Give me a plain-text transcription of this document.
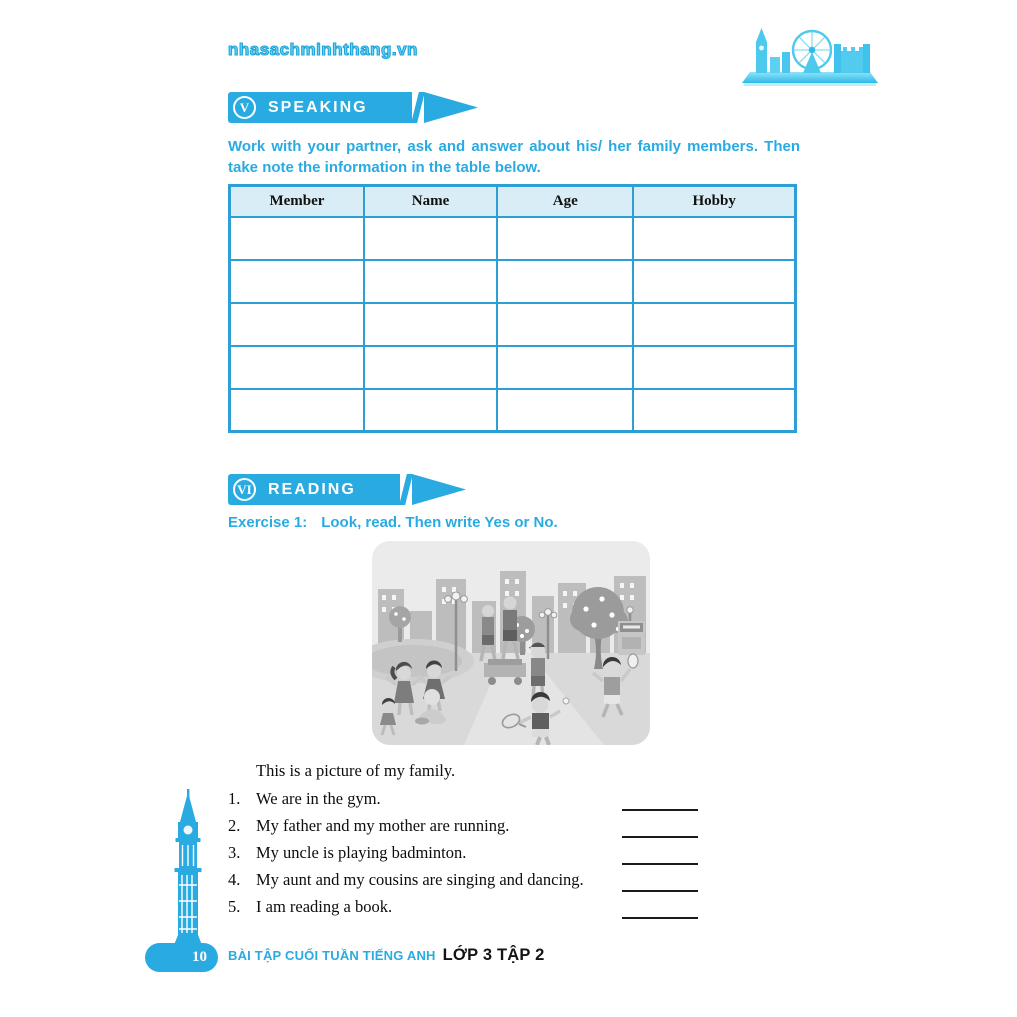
nhasachminhthang.vn
V	SPEAKING
Work with your partner, ask and answer about his/ her family members. Then take note the information in the table below.
Member	Name	Age	Hobby

VI READING
Exercise 1: Look, read. Then write Yes or No.
This is a picture of my family.
1. We are in the gym.
2. My father and my mother are running.
3. My uncle is playing badminton.
4. My aunt and my cousins are singing and dancing.
5. I am reading a book.
10 BÀI TẬP CUỐI TUẦN TIẾNG ANH LỚP 3 TẬP 2
